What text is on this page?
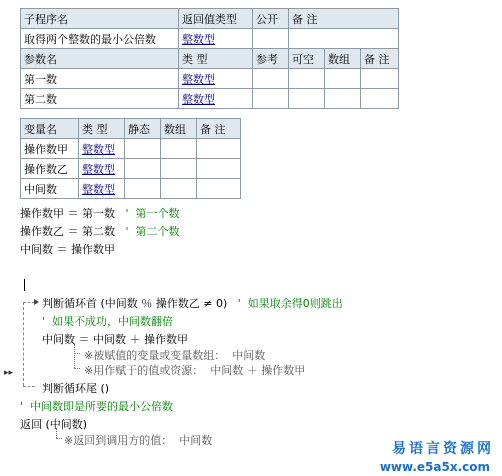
子程序名	返回值类型	公开	备 注		
取得两个整数的最小公倍数	整数型				
参数名	类 型	参考	可空	数组	备 注
第一数	整数型				
第二数	整数型				
变量名	类 型	静态	数组	备 注
操作数甲	整数型			
操作数乙	整数型			
中间数	整数型			
操作数甲 ＝ 第一数 '  第一个数
操作数乙 ＝ 第二数 '  第二个数
中间数 ＝ 操作数甲
▸▸
判断循环首 (中间数 ％ 操作数乙 ≠ 0) '  如果取余得0则跳出
'  如果不成功，中间数翻倍
中间数 ＝ 中间数 ＋ 操作数甲
※被赋值的变量或变量数组：  中间数
※用作赋于的值或资源：  中间数 ＋ 操作数甲
判断循环尾 ()
'  中间数即是所要的最小公倍数
返回 (中间数)
※返回到调用方的值：  中间数
易语言资源网
www.e5a5x.com
